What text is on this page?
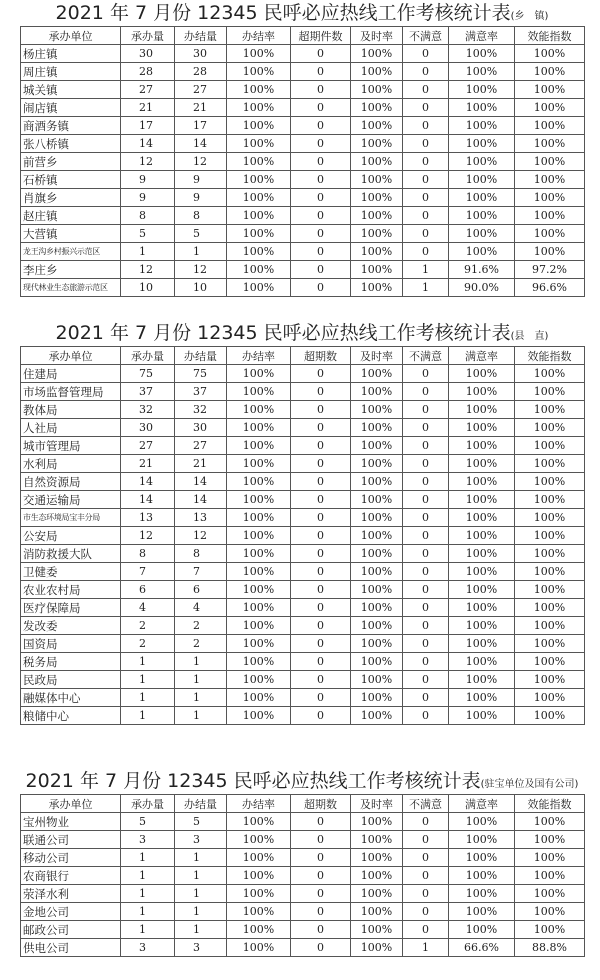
2021 年 7 月份 12345 民呼必应热线工作考核统计表(乡　镇)
承办单位	承办量	办结量	办结率	超期件数	及时率	不满意	满意率	效能指数
杨庄镇	30	30	100%	0	100%	0	100%	100%
周庄镇	28	28	100%	0	100%	0	100%	100%
城关镇	27	27	100%	0	100%	0	100%	100%
闹店镇	21	21	100%	0	100%	0	100%	100%
商酒务镇	17	17	100%	0	100%	0	100%	100%
张八桥镇	14	14	100%	0	100%	0	100%	100%
前营乡	12	12	100%	0	100%	0	100%	100%
石桥镇	9	9	100%	0	100%	0	100%	100%
肖旗乡	9	9	100%	0	100%	0	100%	100%
赵庄镇	8	8	100%	0	100%	0	100%	100%
大营镇	5	5	100%	0	100%	0	100%	100%
龙王沟乡村振兴示范区	1	1	100%	0	100%	0	100%	100%
李庄乡	12	12	100%	0	100%	1	91.6%	97.2%
现代林业生态旅游示范区	10	10	100%	0	100%	1	90.0%	96.6%
2021 年 7 月份 12345 民呼必应热线工作考核统计表(县　直)
承办单位	承办量	办结量	办结率	超期数	及时率	不满意	满意率	效能指数
住建局	75	75	100%	0	100%	0	100%	100%
市场监督管理局	37	37	100%	0	100%	0	100%	100%
教体局	32	32	100%	0	100%	0	100%	100%
人社局	30	30	100%	0	100%	0	100%	100%
城市管理局	27	27	100%	0	100%	0	100%	100%
水利局	21	21	100%	0	100%	0	100%	100%
自然资源局	14	14	100%	0	100%	0	100%	100%
交通运输局	14	14	100%	0	100%	0	100%	100%
市生态环境局宝丰分局	13	13	100%	0	100%	0	100%	100%
公安局	12	12	100%	0	100%	0	100%	100%
消防救援大队	8	8	100%	0	100%	0	100%	100%
卫健委	7	7	100%	0	100%	0	100%	100%
农业农村局	6	6	100%	0	100%	0	100%	100%
医疗保障局	4	4	100%	0	100%	0	100%	100%
发改委	2	2	100%	0	100%	0	100%	100%
国资局	2	2	100%	0	100%	0	100%	100%
税务局	1	1	100%	0	100%	0	100%	100%
民政局	1	1	100%	0	100%	0	100%	100%
融媒体中心	1	1	100%	0	100%	0	100%	100%
粮储中心	1	1	100%	0	100%	0	100%	100%
2021 年 7 月份 12345 民呼必应热线工作考核统计表(驻宝单位及国有公司)
承办单位	承办量	办结量	办结率	超期数	及时率	不满意	满意率	效能指数
宝州物业	5	5	100%	0	100%	0	100%	100%
联通公司	3	3	100%	0	100%	0	100%	100%
移动公司	1	1	100%	0	100%	0	100%	100%
农商银行	1	1	100%	0	100%	0	100%	100%
荥泽水利	1	1	100%	0	100%	0	100%	100%
金地公司	1	1	100%	0	100%	0	100%	100%
邮政公司	1	1	100%	0	100%	0	100%	100%
供电公司	3	3	100%	0	100%	1	66.6%	88.8%
